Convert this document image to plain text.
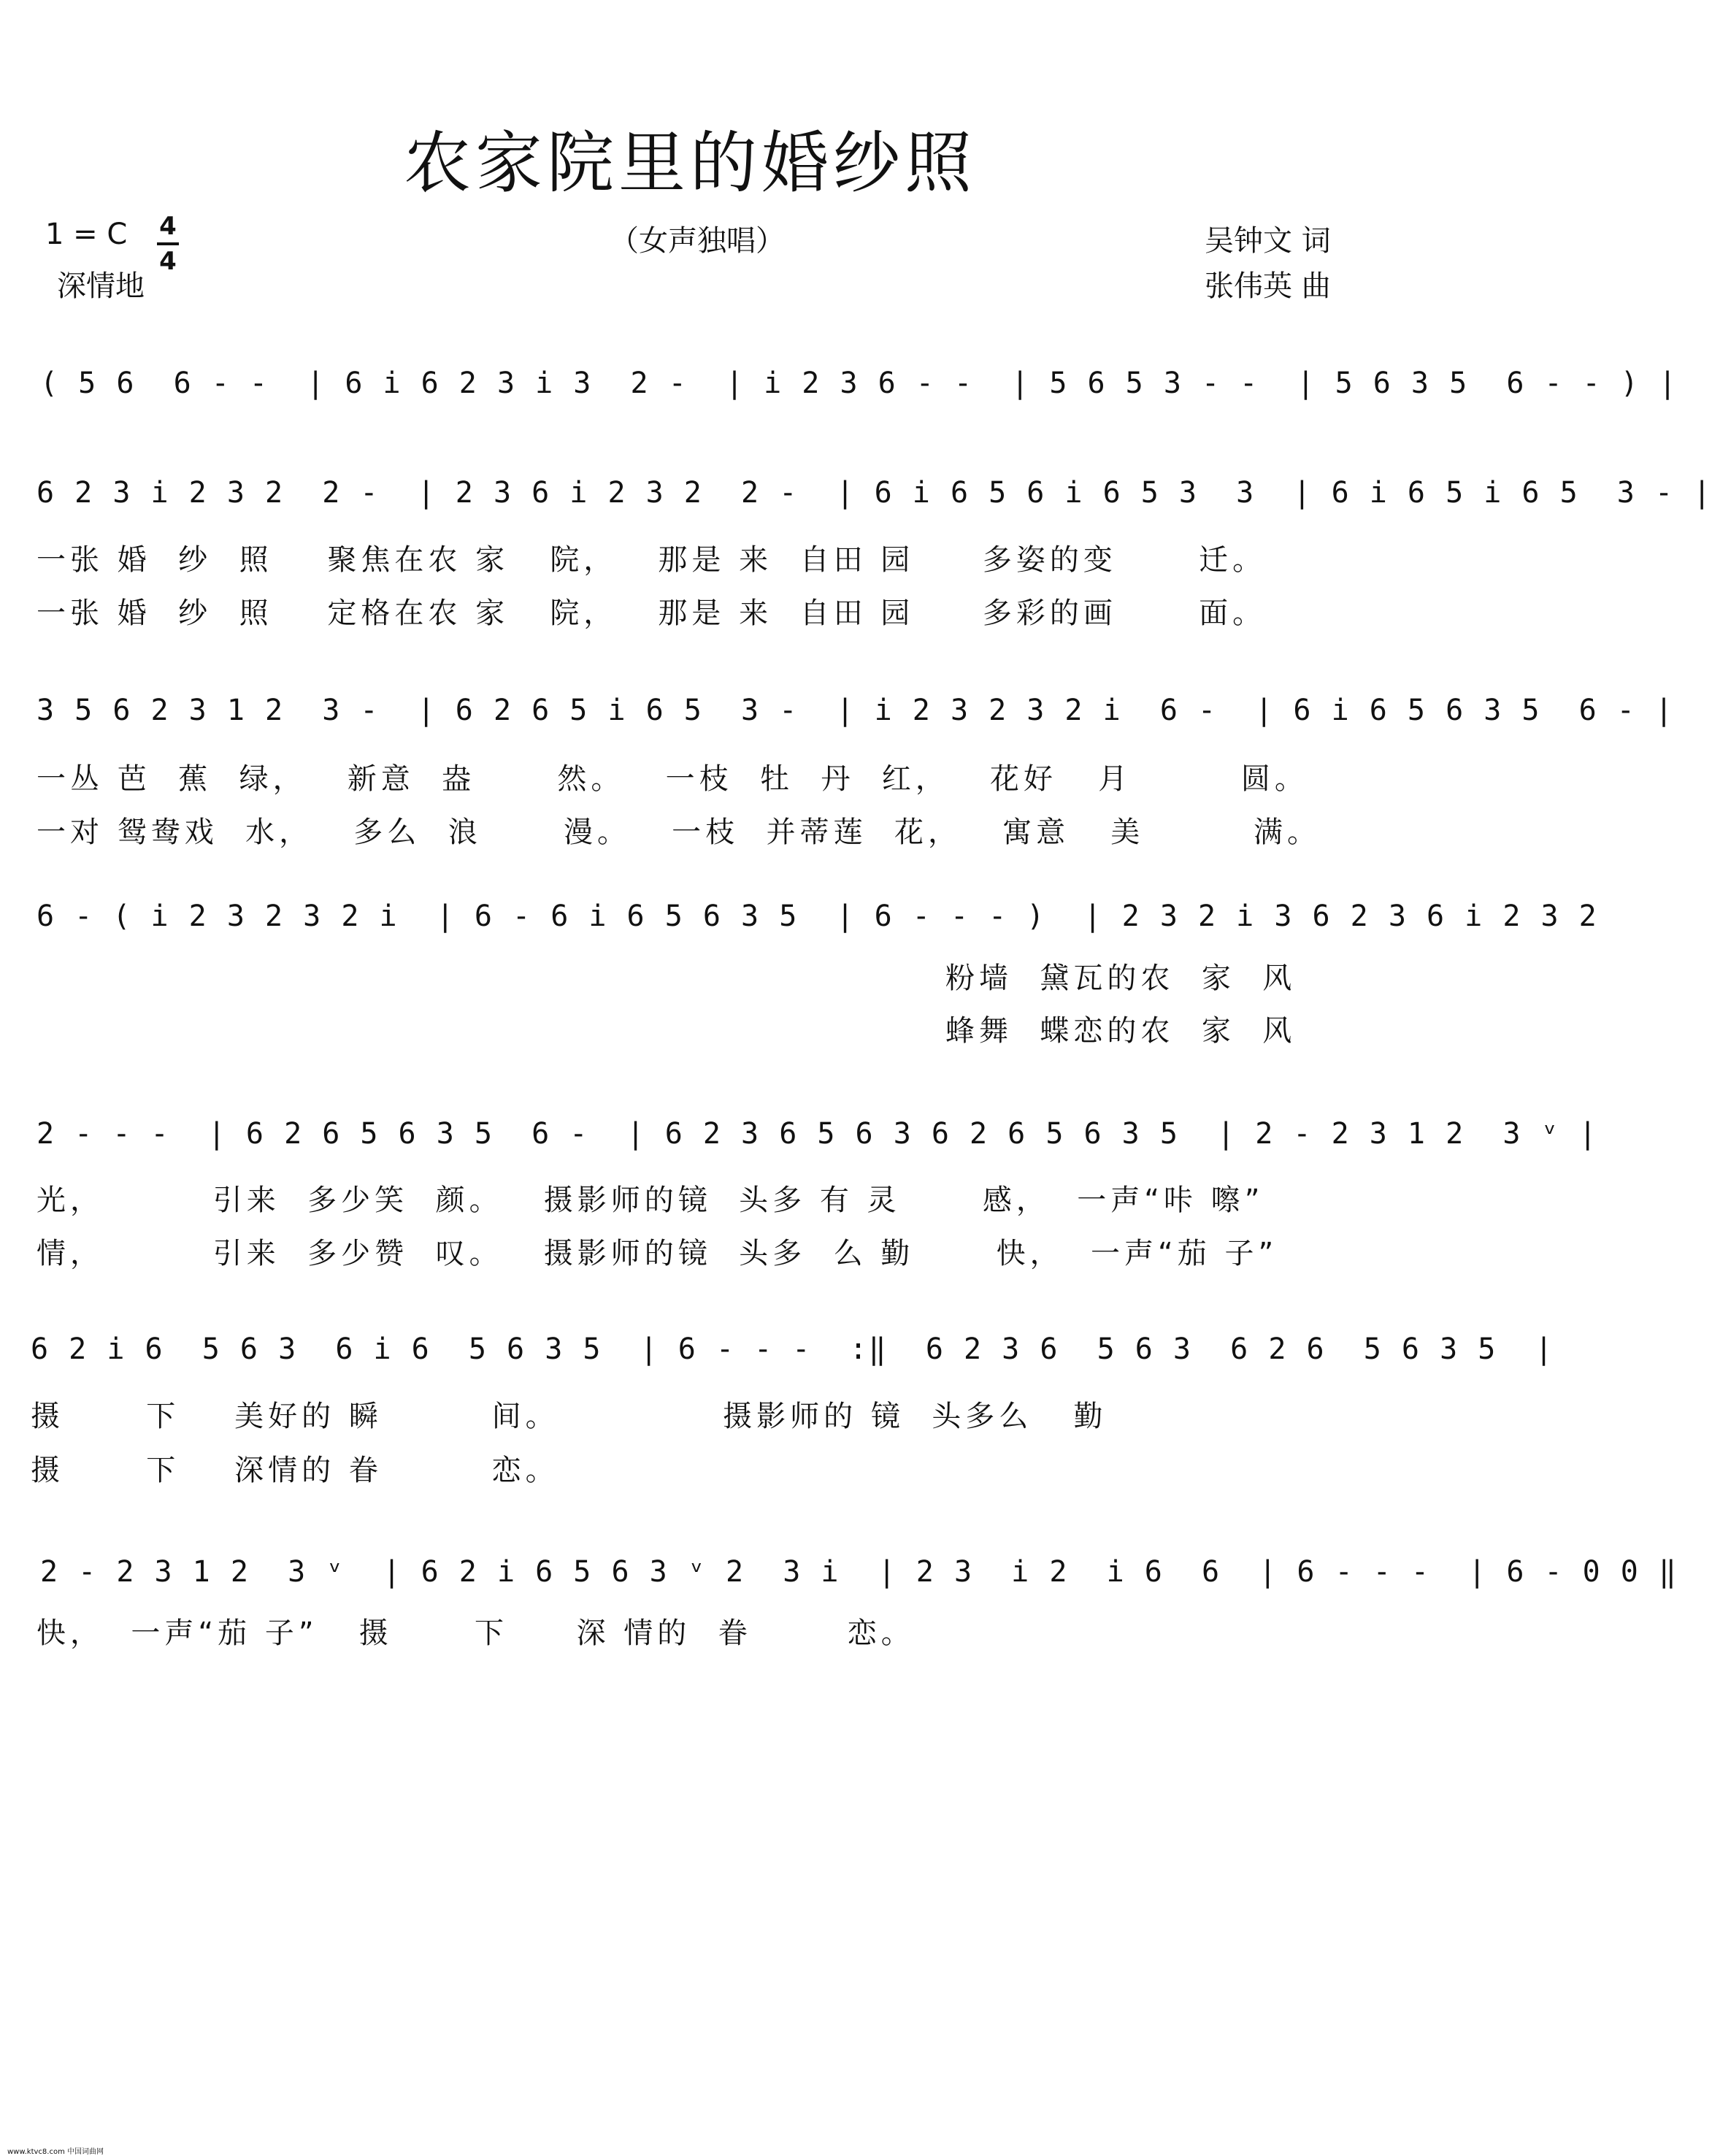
农家院里的婚纱照
1 = C 4
4
（女声独唱）	吴钟文 词
深情地	张伟英 曲
( 5 6  6 - -  | 6 i 6 2 3 i 3  2 -  | i 2 3 6 - -  | 5 6 5 3 - -  | 5 6 3 5  6 - - ) |
6 2 3 i 2 3 2  2 -  | 2 3 6 i 2 3 2  2 -  | 6 i 6 5 6 i 6 5 3  3  | 6 i 6 5 i 6 5  3 - |
一张 婚  纱  照    聚焦在农 家   院，   那是 来  自田 园     多姿的变      迁。
一张 婚  纱  照    定格在农 家   院，   那是 来  自田 园     多彩的画      面。
3 5 6 2 3 1 2  3 -  | 6 2 6 5 i 6 5  3 -  | i 2 3 2 3 2 i  6 -  | 6 i 6 5 6 3 5  6 - |
一丛 芭  蕉  绿，   新意  盎      然。   一枝  牡  丹  红，   花好   月        圆。
一对 鸳鸯戏  水，   多么  浪      漫。   一枝  并蒂莲  花，   寓意   美        满。
6 - ( i 2 3 2 3 2 i  | 6 - 6 i 6 5 6 3 5  | 6 - - - )  | 2 3 2 i 3 6 2 3 6 i 2 3 2
粉墙  黛瓦的农  家  风
蜂舞  蝶恋的农  家  风
2 - - -  | 6 2 6 5 6 3 5  6 -  | 6 2 3 6 5 6 3 6 2 6 5 6 3 5  | 2 - 2 3 1 2  3 ᵛ |
光，        引来  多少笑  颜。   摄影师的镜  头多 有 灵      感，  一声“咔 嚓”
情，        引来  多少赞  叹。   摄影师的镜  头多  么 勤      快，  一声“茄 子”
6 2 i 6  5 6 3  6 i 6  5 6 3 5  | 6 - - -  :‖  6 2 3 6  5 6 3  6 2 6  5 6 3 5  |
摄      下    美好的 瞬        间。            摄影师的 镜  头多么   勤
摄      下    深情的 眷        恋。
2 - 2 3 1 2  3 ᵛ  | 6 2 i 6 5 6 3 ᵛ 2  3 i  | 2 3  i 2  i 6  6  | 6 - - -  | 6 - 0 0 ‖
快，  一声“茄 子”   摄      下     深 情的  眷       恋。
www.ktvc8.com 中国词曲网
